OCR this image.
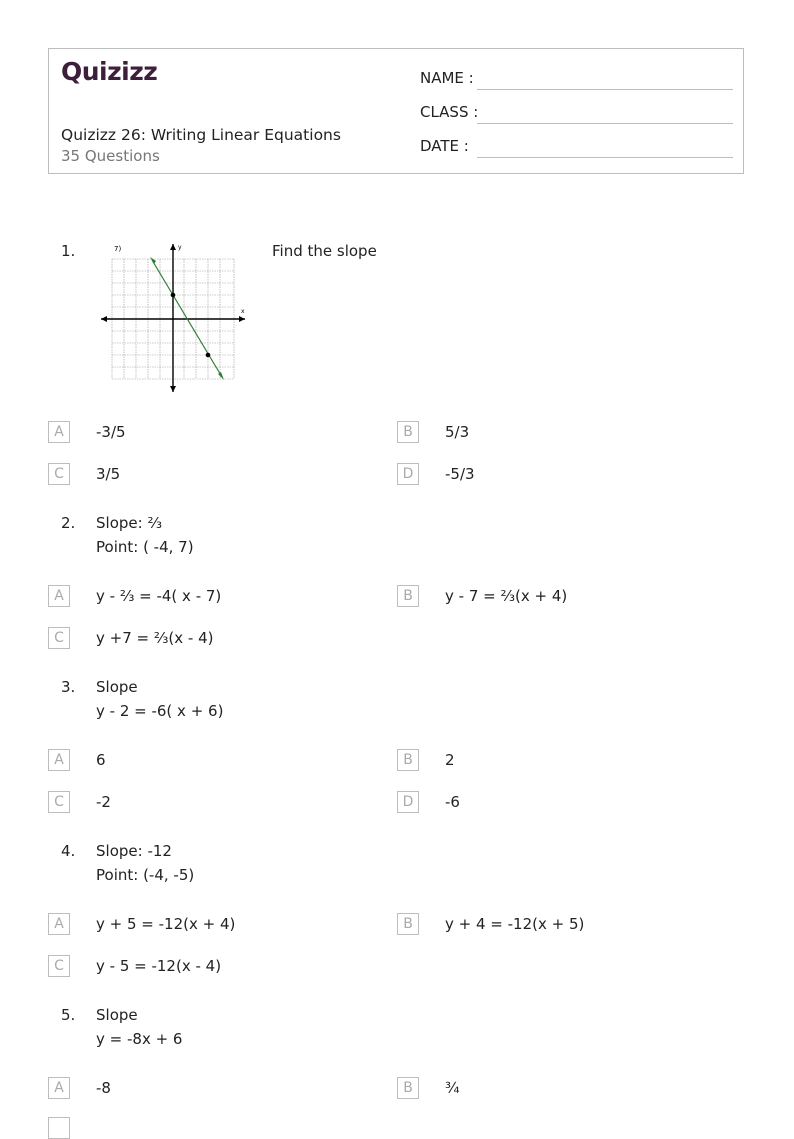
Quizizz
Quizizz 26: Writing Linear Equations
35 Questions
NAME :
CLASS :
DATE :
1.	7)	y
x
Find the slope
A	-3/5	B	5/3
C	3/5	D	-5/3
2. Slope: ⅔
Point: ( -4, 7)
A	y - ⅔ = -4( x - 7)	B	y - 7 = ⅔(x + 4)
C	y +7 = ⅔(x - 4)
3. Slope
y - 2 = -6( x + 6)
A	6	B	2
C	-2	D	-6
4. Slope: -12
Point: (-4, -5)
A	y + 5 = -12(x + 4)	B	y + 4 = -12(x + 5)
C	y - 5 = -12(x - 4)
5. Slope
y = -8x + 6
A	-8	B	¾
